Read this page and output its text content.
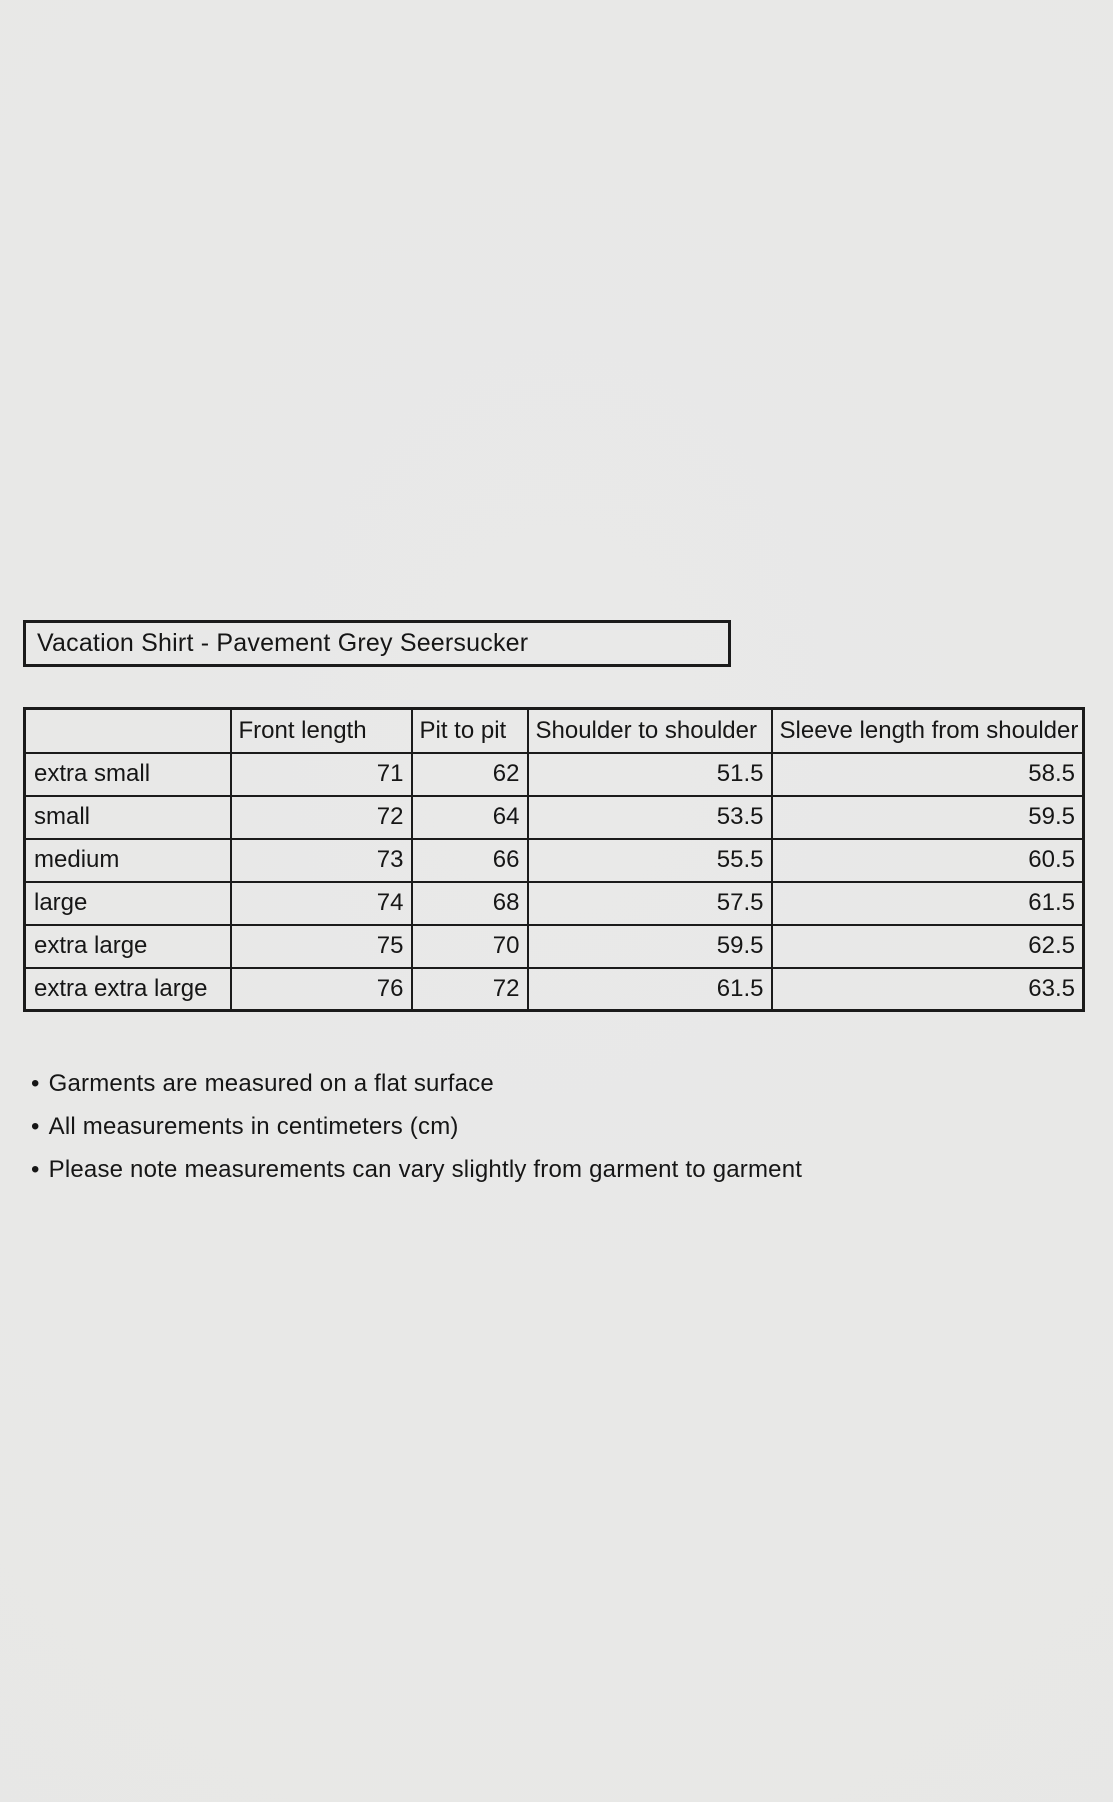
Vacation Shirt - Pavement Grey Seersucker
	Front length	Pit to pit	Shoulder to shoulder	Sleeve length from shoulder
extra small	71	62	51.5	58.5
small	72	64	53.5	59.5
medium	73	66	55.5	60.5
large	74	68	57.5	61.5
extra large	75	70	59.5	62.5
extra extra large	76	72	61.5	63.5
• Garments are measured on a flat surface
• All measurements in centimeters (cm)
• Please note measurements can vary slightly from garment to garment
